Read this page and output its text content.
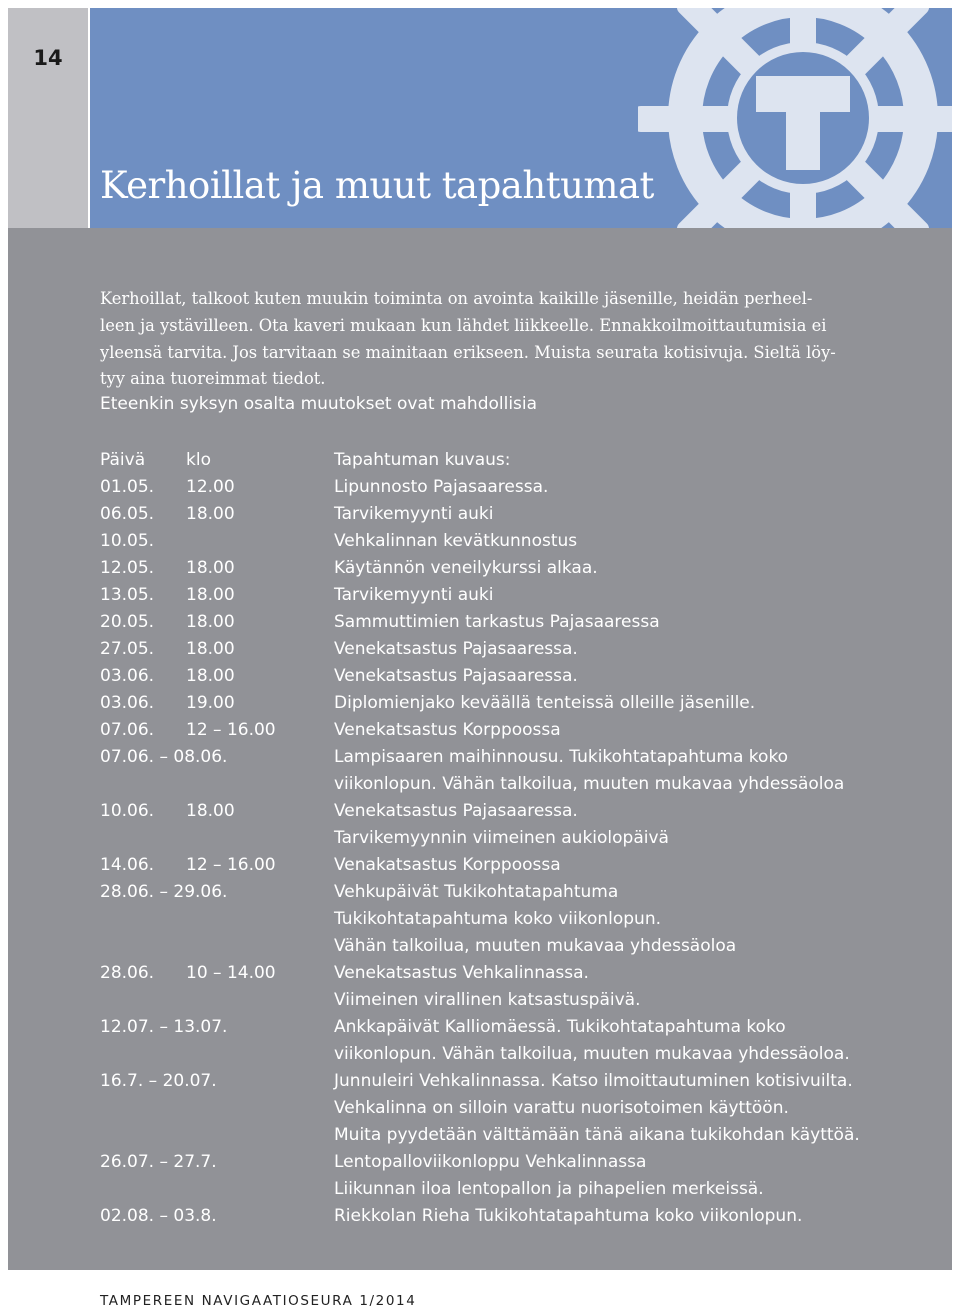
14
Kerhoillat ja muut tapahtumat

Kerhoillat, talkoot kuten muukin toiminta on avointa kaikille jäsenille, heidän perheel-
leen ja ystävilleen. Ota kaveri mukaan kun lähdet liikkeelle. Ennakkoilmoittautumisia ei
yleensä tarvita. Jos tarvitaan se mainitaan erikseen. Muista seurata kotisivuja. Sieltä löy-
tyy aina tuoreimmat tiedot.

Eteenkin syksyn osalta muutokset ovat mahdollisia
Päivä klo	Tapahtuman kuvaus:
01.05. 12.00	Lipunnosto Pajasaaressa.
06.05. 18.00	Tarvikemyynti auki
10.05.	Vehkalinnan kevätkunnostus
12.05. 18.00	Käytännön veneilykurssi alkaa.
13.05. 18.00	Tarvikemyynti auki
20.05. 18.00	Sammuttimien tarkastus Pajasaaressa
27.05. 18.00	Venekatsastus Pajasaaressa.
03.06. 18.00	Venekatsastus Pajasaaressa.
03.06. 19.00	Diplomienjako keväällä tenteissä olleille jäsenille.
07.06. 12 – 16.00	Venekatsastus Korppoossa
07.06. – 08.06.	Lampisaaren maihinnousu. Tukikohtatapahtuma koko
viikonlopun. Vähän talkoilua, muuten mukavaa yhdessäoloa
10.06. 18.00	Venekatsastus Pajasaaressa.
Tarvikemyynnin viimeinen aukiolopäivä
14.06. 12 – 16.00	Venakatsastus Korppoossa
28.06. – 29.06.	Vehkupäivät Tukikohtatapahtuma
Tukikohtatapahtuma koko viikonlopun.
Vähän talkoilua, muuten mukavaa yhdessäoloa
28.06. 10 – 14.00	Venekatsastus Vehkalinnassa.
Viimeinen virallinen katsastuspäivä.
12.07. – 13.07.	Ankkapäivät Kalliomäessä. Tukikohtatapahtuma koko
viikonlopun. Vähän talkoilua, muuten mukavaa yhdessäoloa.
16.7. – 20.07.	Junnuleiri Vehkalinnassa. Katso ilmoittautuminen kotisivuilta.
Vehkalinna on silloin varattu nuorisotoimen käyttöön.
Muita pyydetään välttämään tänä aikana tukikohdan käyttöä.
26.07. – 27.7.	Lentopalloviikonloppu Vehkalinnassa
Liikunnan iloa lentopallon ja pihapelien merkeissä.
02.08. – 03.8.	Riekkolan Rieha Tukikohtatapahtuma koko viikonlopun.
TAMPEREEN NAVIGAATIOSEURA 1/2014
